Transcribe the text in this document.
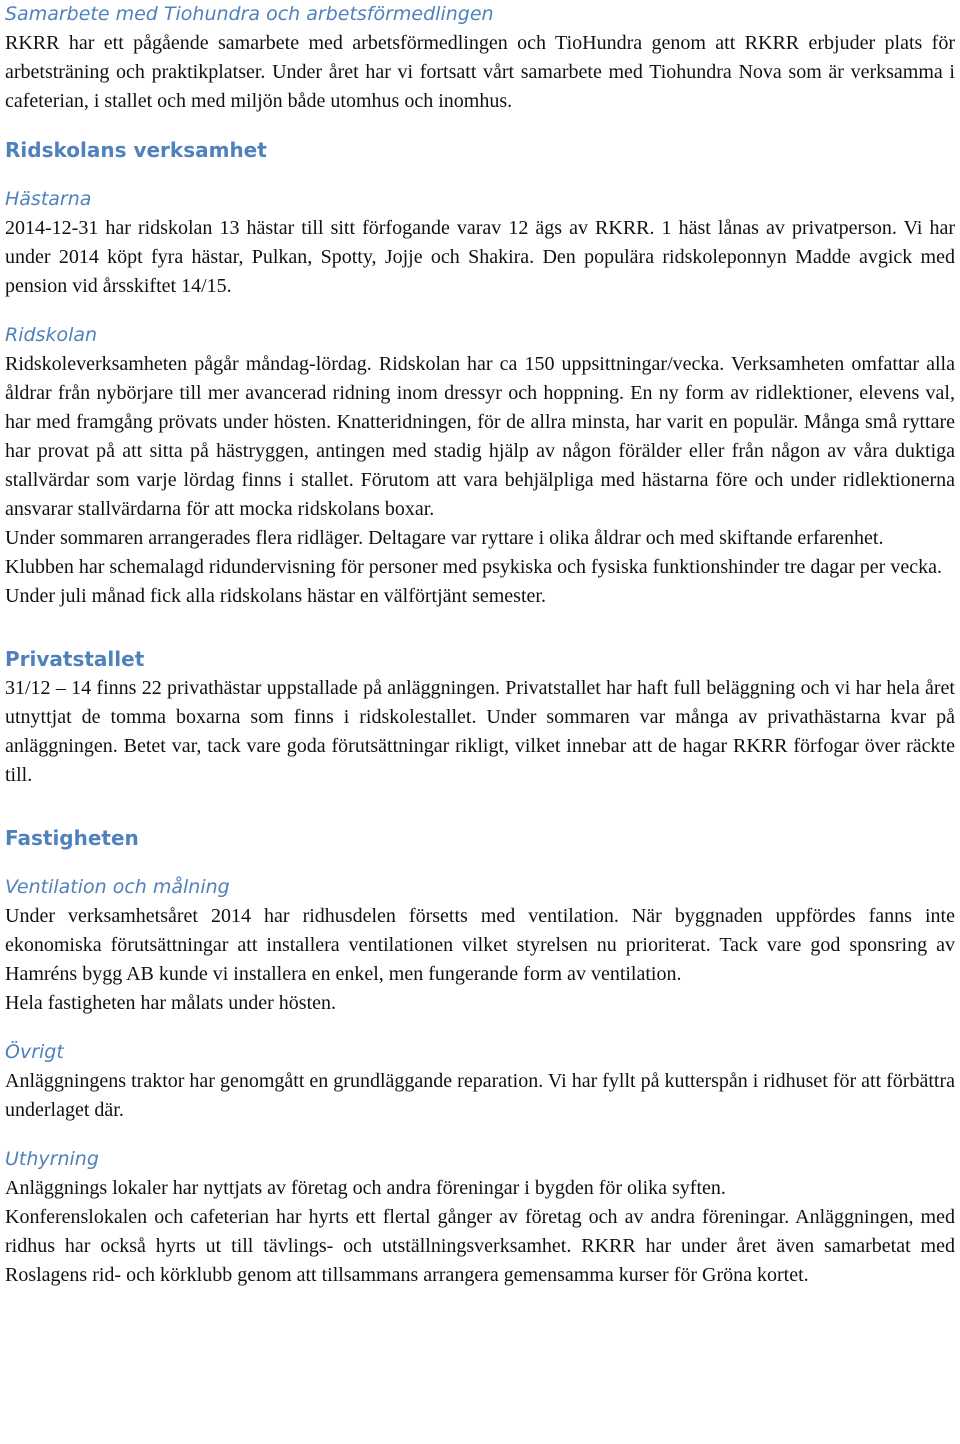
Samarbete med Tiohundra och arbetsförmedlingen

RKRR har ett pågående samarbete med arbetsförmedlingen och TioHundra genom att RKRR erbjuder plats för arbetsträning och praktikplatser. Under året har vi fortsatt vårt samarbete med Tiohundra Nova som är verksamma i cafeterian, i stallet och med miljön både utomhus och inomhus.

Ridskolans verksamhet
Hästarna

2014-12-31 har ridskolan 13 hästar till sitt förfogande varav 12 ägs av RKRR. 1 häst lånas av privatperson. Vi har under 2014 köpt fyra hästar, Pulkan, Spotty, Jojje och Shakira. Den populära ridskoleponnyn Madde avgick med pension vid årsskiftet 14/15.

Ridskolan

Ridskoleverksamheten pågår måndag-lördag. Ridskolan har ca 150 uppsittningar/vecka. Verksamheten omfattar alla åldrar från nybörjare till mer avancerad ridning inom dressyr och hoppning. En ny form av ridlektioner, elevens val, har med framgång prövats under hösten. Knatteridningen, för de allra minsta, har varit en populär. Många små ryttare har provat på att sitta på hästryggen, antingen med stadig hjälp av någon förälder eller från någon av våra duktiga stallvärdar som varje lördag finns i stallet. Förutom att vara behjälpliga med hästarna före och under ridlektionerna ansvarar stallvärdarna för att mocka ridskolans boxar.

Under sommaren arrangerades flera ridläger. Deltagare var ryttare i olika åldrar och med skiftande erfarenhet.

Klubben har schemalagd ridundervisning för personer med psykiska och fysiska funktionshinder tre dagar per vecka.

Under juli månad fick alla ridskolans hästar en välförtjänt semester.

Privatstallet

31/12 – 14 finns 22 privathästar uppstallade på anläggningen. Privatstallet har haft full beläggning och vi har hela året utnyttjat de tomma boxarna som finns i ridskolestallet. Under sommaren var många av privathästarna kvar på anläggningen. Betet var, tack vare goda förutsättningar rikligt, vilket innebar att de hagar RKRR förfogar över räckte till.

Fastigheten
Ventilation och målning

Under verksamhetsåret 2014 har ridhusdelen försetts med ventilation. När byggnaden uppfördes fanns inte ekonomiska förutsättningar att installera ventilationen vilket styrelsen nu prioriterat. Tack vare god sponsring av Hamréns bygg AB kunde vi installera en enkel, men fungerande form av ventilation.

Hela fastigheten har målats under hösten.

Övrigt

Anläggningens traktor har genomgått en grundläggande reparation. Vi har fyllt på kutterspån i ridhuset för att förbättra underlaget där.

Uthyrning

Anläggnings lokaler har nyttjats av företag och andra föreningar i bygden för olika syften.

Konferenslokalen och cafeterian har hyrts ett flertal gånger av företag och av andra föreningar. Anläggningen, med ridhus har också hyrts ut till tävlings- och utställningsverksamhet. RKRR har under året även samarbetat med Roslagens rid- och körklubb genom att tillsammans arrangera gemensamma kurser för Gröna kortet.
